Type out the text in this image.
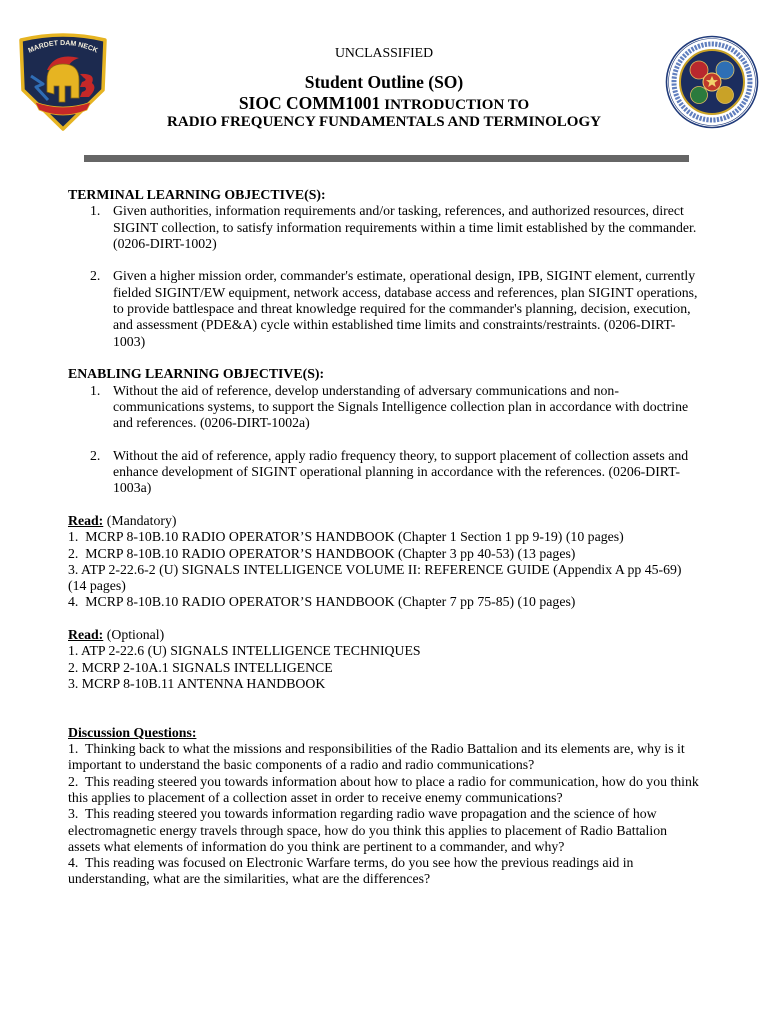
MARDET DAM NECK	UNCLASSIFIED
Student Outline (SO)
SIOC COMM1001 INTRODUCTION TO
RADIO FREQUENCY FUNDAMENTALS AND TERMINOLOGY
TERMINAL LEARNING OBJECTIVE(S):
1. Given authorities, information requirements and/or tasking, references, and authorized resources, direct
SIGINT collection, to satisfy information requirements within a time limit established by the commander.
(0206-DIRT-1002)
2. Given a higher mission order, commander's estimate, operational design, IPB, SIGINT element, currently
fielded SIGINT/EW equipment, network access, database access and references, plan SIGINT operations,
to provide battlespace and threat knowledge required for the commander's planning, decision, execution,
and assessment (PDE&A) cycle within established time limits and constraints/restraints. (0206-DIRT-
1003)
ENABLING LEARNING OBJECTIVE(S):
1. Without the aid of reference, develop understanding of adversary communications and non-
communications systems, to support the Signals Intelligence collection plan in accordance with doctrine
and references. (0206-DIRT-1002a)
2. Without the aid of reference, apply radio frequency theory, to support placement of collection assets and
enhance development of SIGINT operational planning in accordance with the references. (0206-DIRT-
1003a)
Read: (Mandatory)
1.  MCRP 8-10B.10 RADIO OPERATOR’S HANDBOOK (Chapter 1 Section 1 pp 9-19) (10 pages)
2.  MCRP 8-10B.10 RADIO OPERATOR’S HANDBOOK (Chapter 3 pp 40-53) (13 pages)
3. ATP 2-22.6-2 (U) SIGNALS INTELLIGENCE VOLUME II: REFERENCE GUIDE (Appendix A pp 45-69)
(14 pages)
4.  MCRP 8-10B.10 RADIO OPERATOR’S HANDBOOK (Chapter 7 pp 75-85) (10 pages)
Read: (Optional)
1. ATP 2-22.6 (U) SIGNALS INTELLIGENCE TECHNIQUES
2. MCRP 2-10A.1 SIGNALS INTELLIGENCE
3. MCRP 8-10B.11 ANTENNA HANDBOOK
Discussion Questions:
1.  Thinking back to what the missions and responsibilities of the Radio Battalion and its elements are, why is it
important to understand the basic components of a radio and radio communications?
2.  This reading steered you towards information about how to place a radio for communication, how do you think
this applies to placement of a collection asset in order to receive enemy communications?
3.  This reading steered you towards information regarding radio wave propagation and the science of how
electromagnetic energy travels through space, how do you think this applies to placement of Radio Battalion
assets what elements of information do you think are pertinent to a commander, and why?
4.  This reading was focused on Electronic Warfare terms, do you see how the previous readings aid in
understanding, what are the similarities, what are the differences?
